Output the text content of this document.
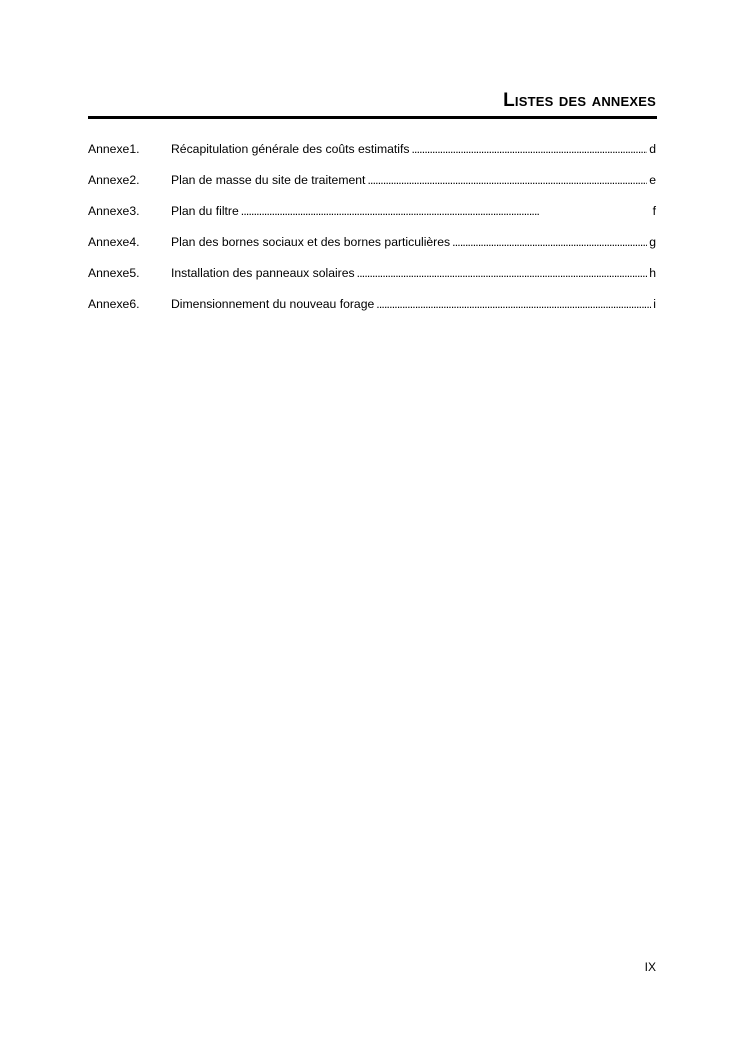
Listes des annexes
Annexe1.	Récapitulation générale des coûts estimatifs . . .	d
Annexe2.	Plan de masse du site de traitement . . .	e
Annexe3.	Plan du filtre . . .	f
Annexe4.	Plan des bornes sociaux et des bornes particulières . . .	g
Annexe5.	Installation des panneaux solaires . . .	h
Annexe6.	Dimensionnement du nouveau forage . . .	i
IX
